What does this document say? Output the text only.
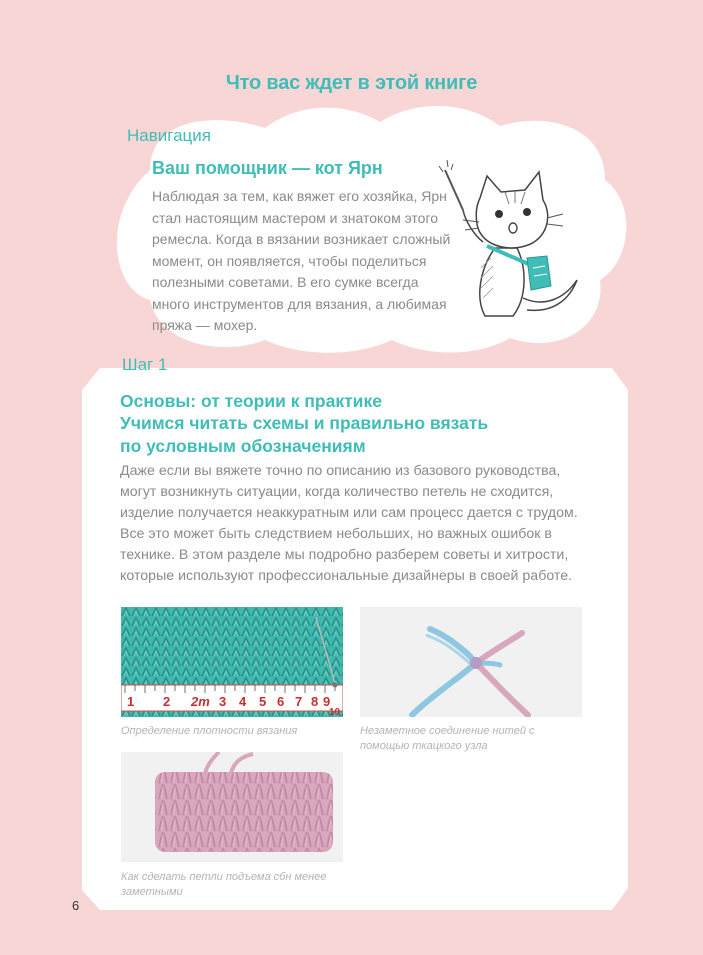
Что вас ждет в этой книге
Навигация
Ваш помощник — кот Ярн
Наблюдая за тем, как вяжет его хозяйка, Ярн стал настоящим мастером и знатоком этого ремесла. Когда в вязании возникает сложный момент, он появляется, чтобы поделиться полезными советами. В его сумке всегда много инструментов для вязания, а любимая пряжа — мохер.
Шаг 1
Основы: от теории к практике
Учимся читать схемы и правильно вязать
по условным обозначениям
Даже если вы вяжете точно по описанию из базового руководства, могут возникнуть ситуации, когда количество петель не сходится, изделие получается неаккуратным или сам процесс дается с трудом. Все это может быть следствием небольших, но важных ошибок в технике. В этом разделе мы подробно разберем советы и хитрости, которые используют профессиональные дизайнеры в своей работе.
1 2 2m 3 4 5 6 7 8 9
10
Определение плотности вязания	Незаметное соединение нитей с помощью ткацкого узла
Как сделать петли подъема сбн менее заметными
6
